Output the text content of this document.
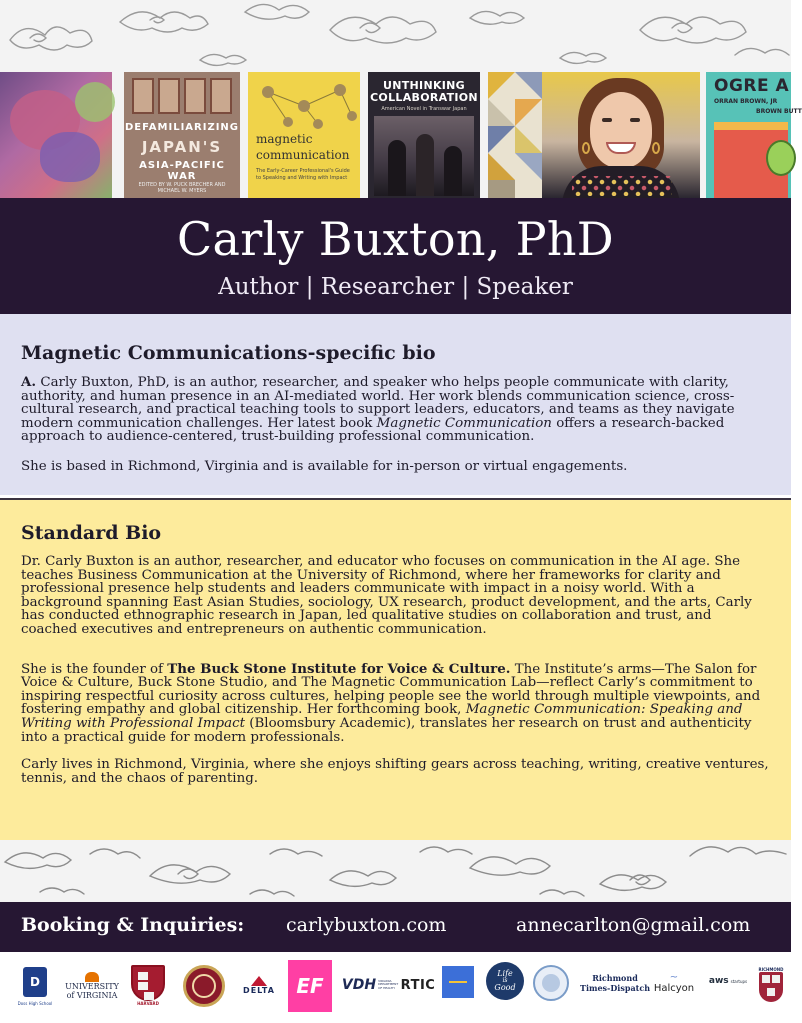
DEFAMILIARIZING
JAPAN'S
ASIA-PACIFIC WAR
EDITED BY W. PUCK BRECHER AND MICHAEL W. MYERS
magnetic
communication
The Early-Career Professional's Guide to Speaking and Writing with Impact
UNTHINKING
COLLABORATION
American Novel in Transwar Japan
OGRE A
ORRAN BROWN, JR
BROWN BUTT
Carly Buxton, PhD
Author | Researcher | Speaker
Magnetic Communications-specific bio

A. Carly Buxton, PhD, is an author, researcher, and speaker who helps people communicate with clarity, authority, and human presence in an AI-mediated world. Her work blends communication science, cross-cultural research, and practical teaching tools to support leaders, educators, and teams as they navigate modern communication challenges. Her latest book Magnetic Communication offers a research-backed approach to audience-centered, trust-building professional communication.

She is based in Richmond, Virginia and is available for in-person or virtual engagements.

Standard Bio

Dr. Carly Buxton is an author, researcher, and educator who focuses on communication in the AI age. She teaches Business Communication at the University of Richmond, where her frameworks for clarity and professional presence help students and leaders communicate with impact in a noisy world. With a background spanning East Asian Studies, sociology, UX research, product development, and the arts, Carly has conducted ethnographic research in Japan, led qualitative studies on collaboration and trust, and coached executives and entrepreneurs on authentic communication.

She is the founder of The Buck Stone Institute for Voice & Culture. The Institute’s arms—The Salon for Voice & Culture, Buck Stone Studio, and The Magnetic Communication Lab—reflect Carly’s commitment to inspiring respectful curiosity across cultures, helping people see the world through multiple viewpoints, and fostering empathy and global citizenship. Her forthcoming book, Magnetic Communication: Speaking and Writing with Professional Impact (Bloomsbury Academic), translates her research on trust and authenticity into a practical guide for modern professionals.

Carly lives in Richmond, Virginia, where she enjoys shifting gears across teaching, writing, creative ventures, tennis, and the chaos of parenting.

Booking & Inquiries: carlybuxton.com	annecarlton@gmail.com
D
Doss High School
UNIVERSITY
of VIRGINIA
HARVARD
DELTA EF VDH VIRGINIA DEPARTMENT OF HEALTH RTIC
Life
is
Good
Richmond
Times-Dispatch
~
Halcyon
aws startups
RICHMOND
